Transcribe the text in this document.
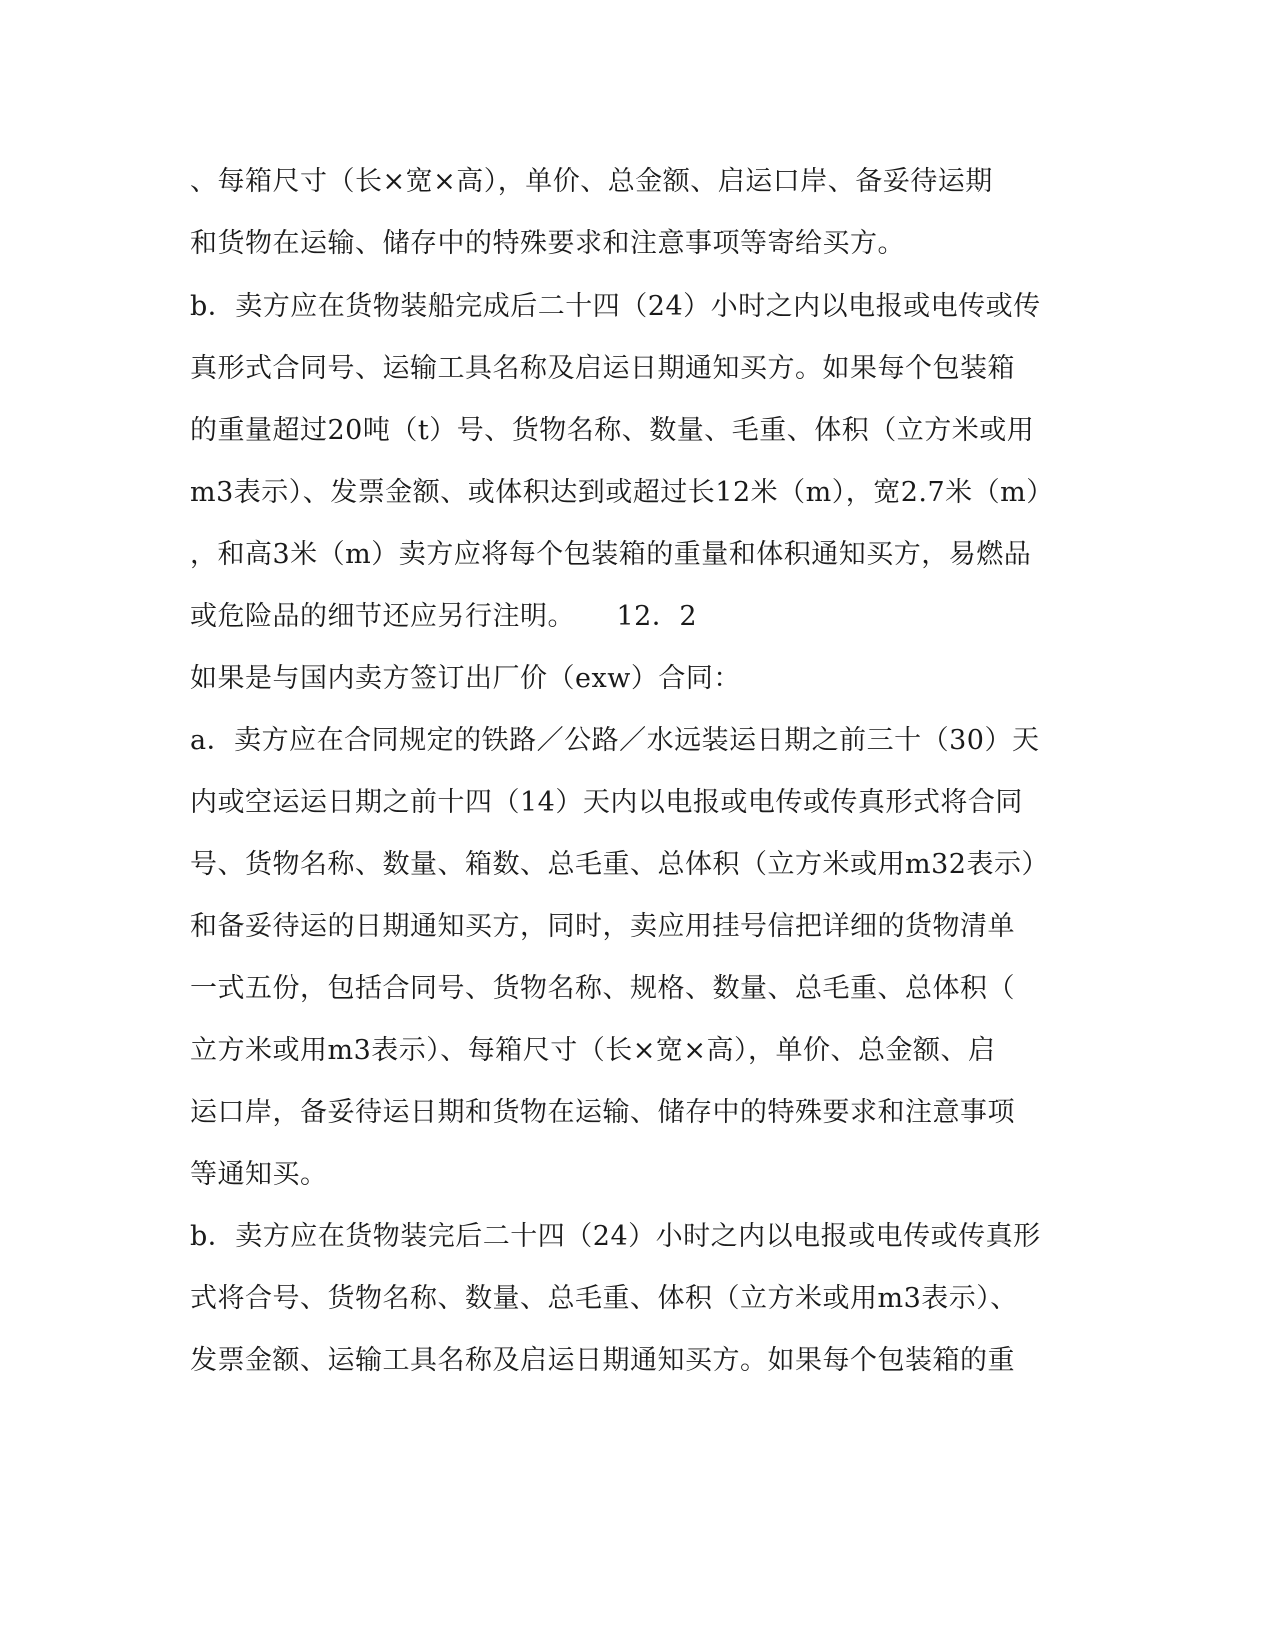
、每箱尺寸（长×宽×高），单价、总金额、启运口岸、备妥待运期
和货物在运输、储存中的特殊要求和注意事项等寄给买方。
b．卖方应在货物装船完成后二十四（24）小时之内以电报或电传或传
真形式合同号、运输工具名称及启运日期通知买方。如果每个包装箱
的重量超过20吨（t）号、货物名称、数量、毛重、体积（立方米或用
m3表示）、发票金额、或体积达到或超过长12米（m），宽2.7米（m）
，和高3米（m）卖方应将每个包装箱的重量和体积通知买方，易燃品
或危险品的细节还应另行注明。　　12．2
如果是与国内卖方签订出厂价（exw）合同：
a．卖方应在合同规定的铁路／公路／水远装运日期之前三十（30）天
内或空运运日期之前十四（14）天内以电报或电传或传真形式将合同
号、货物名称、数量、箱数、总毛重、总体积（立方米或用m32表示）
和备妥待运的日期通知买方，同时，卖应用挂号信把详细的货物清单
一式五份，包括合同号、货物名称、规格、数量、总毛重、总体积（
立方米或用m3表示）、每箱尺寸（长×宽×高），单价、总金额、启
运口岸，备妥待运日期和货物在运输、储存中的特殊要求和注意事项
等通知买。
b．卖方应在货物装完后二十四（24）小时之内以电报或电传或传真形
式将合号、货物名称、数量、总毛重、体积（立方米或用m3表示）、
发票金额、运输工具名称及启运日期通知买方。如果每个包装箱的重
